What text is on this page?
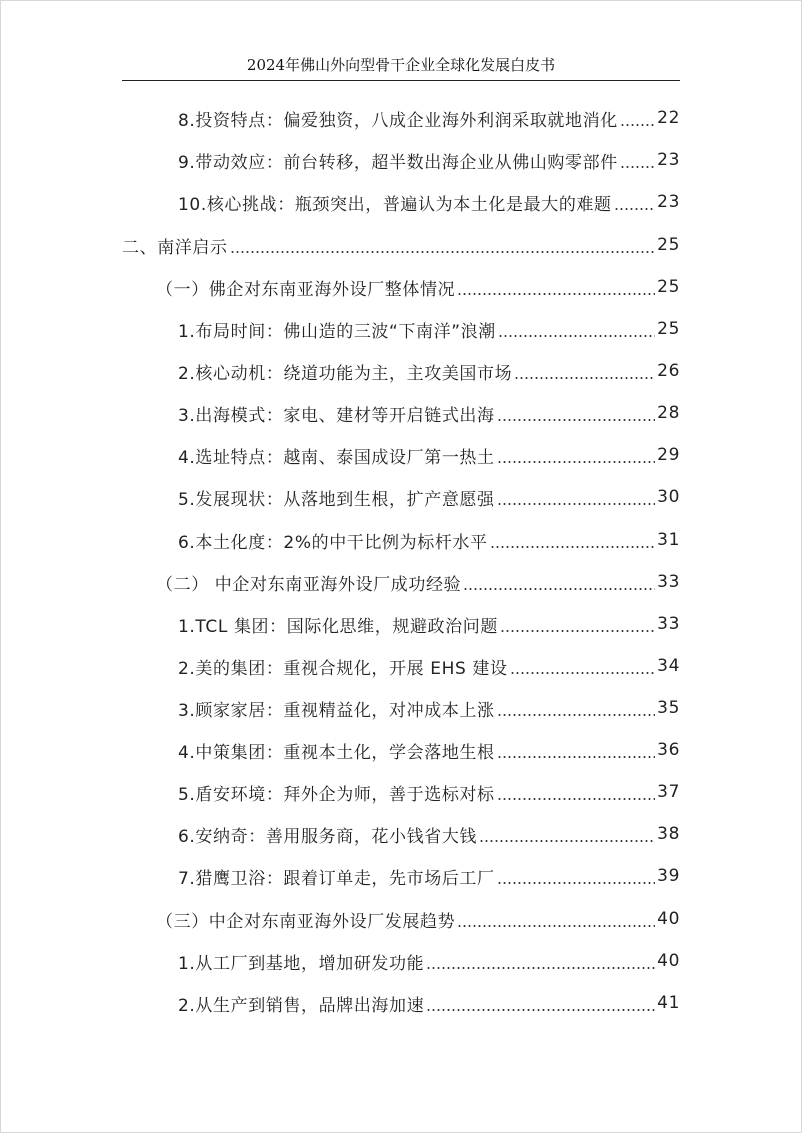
2024年佛山外向型骨干企业全球化发展白皮书
8.投资特点：偏爱独资，八成企业海外利润采取就地消化 22
9.带动效应：前台转移，超半数出海企业从佛山购零部件 23
10.核心挑战：瓶颈突出，普遍认为本土化是最大的难题	23
二、南洋启示	25
（一）佛企对东南亚海外设厂整体情况	25
1.布局时间：佛山造的三波“下南洋”浪潮	25
2.核心动机：绕道功能为主，主攻美国市场	26
3.出海模式：家电、建材等开启链式出海	28
4.选址特点：越南、泰国成设厂第一热土	29
5.发展现状：从落地到生根，扩产意愿强	30
6.本土化度：2%的中干比例为标杆水平	31
（二） 中企对东南亚海外设厂成功经验	33
1.TCL 集团：国际化思维，规避政治问题	33
2.美的集团：重视合规化，开展 EHS 建设	34
3.顾家家居：重视精益化，对冲成本上涨	35
4.中策集团：重视本土化，学会落地生根	36
5.盾安环境：拜外企为师，善于选标对标	37
6.安纳奇：善用服务商，花小钱省大钱	38
7.猎鹰卫浴：跟着订单走，先市场后工厂	39
（三）中企对东南亚海外设厂发展趋势	40
1.从工厂到基地，增加研发功能	40
2.从生产到销售，品牌出海加速	41
